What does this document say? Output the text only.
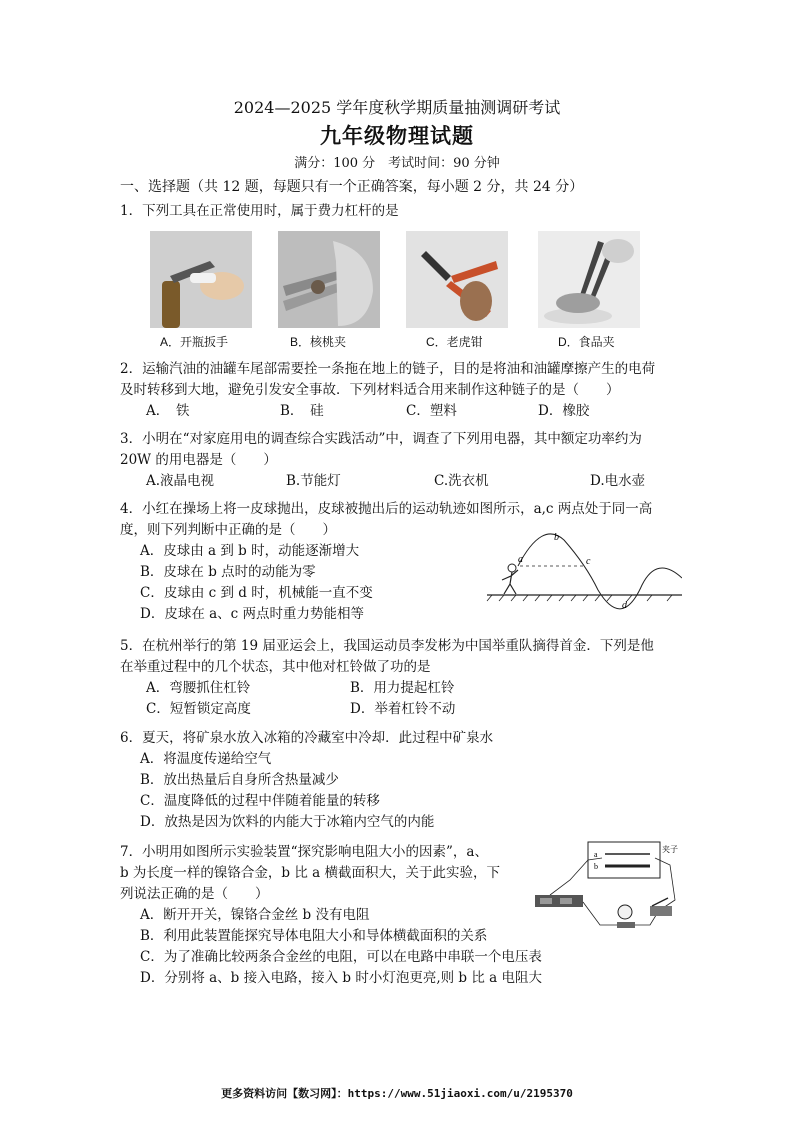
2024—2025 学年度秋学期质量抽测调研考试
九年级物理试题
满分：100 分　考试时间：90 分钟
一、选择题（共 12 题，每题只有一个正确答案，每小题 2 分，共 24 分）

1．下列工具在正常使用时，属于费力杠杆的是

A．开瓶扳手	B．核桃夹	C．老虎钳	D．食品夹

2．运输汽油的油罐车尾部需要拴一条拖在地上的链子，目的是将油和油罐摩擦产生的电荷

及时转移到大地，避免引发安全事故．下列材料适合用来制作这种链子的是（　　）

A．　铁	B．　硅	C．塑料	D．橡胶

3．小明在“对家庭用电的调查综合实践活动”中，调查了下列用电器，其中额定功率约为

20W 的用电器是（　　）

A.液晶电视	B.节能灯	C.洗衣机	D.电水壶

4．小红在操场上将一皮球抛出，皮球被抛出后的运动轨迹如图所示，a,c 两点处于同一高

度，则下列判断中正确的是（　　）

A．皮球由 a 到 b 时，动能逐渐增大

B．皮球在 b 点时的动能为零

C．皮球由 c 到 d 时，机械能一直不变

D．皮球在 a、c 两点时重力势能相等

a
b
c
d

5．在杭州举行的第 19 届亚运会上，我国运动员李发彬为中国举重队摘得首金．下列是他

在举重过程中的几个状态，其中他对杠铃做了功的是

A．弯腰抓住杠铃	B．用力提起杠铃
C．短暂锁定高度	D．举着杠铃不动

6．夏天，将矿泉水放入冰箱的冷藏室中冷却．此过程中矿泉水

A．将温度传递给空气

B．放出热量后自身所含热量减少

C．温度降低的过程中伴随着能量的转移

D．放热是因为饮料的内能大于冰箱内空气的内能

7．小明用如图所示实验装置“探究影响电阻大小的因素”，a、

b 为长度一样的镍铬合金，b 比 a 横截面积大，关于此实验，下

列说法正确的是（　　）

A．断开开关，镍铬合金丝 b 没有电阻

B．利用此装置能探究导体电阻大小和导体横截面积的关系

C．为了准确比较两条合金丝的电阻，可以在电路中串联一个电压表

D．分别将 a、b 接入电路，接入 b 时小灯泡更亮,则 b 比 a 电阻大

a
b
夹子
更多资料访问【数习网】：https://www.51jiaoxi.com/u/2195370
